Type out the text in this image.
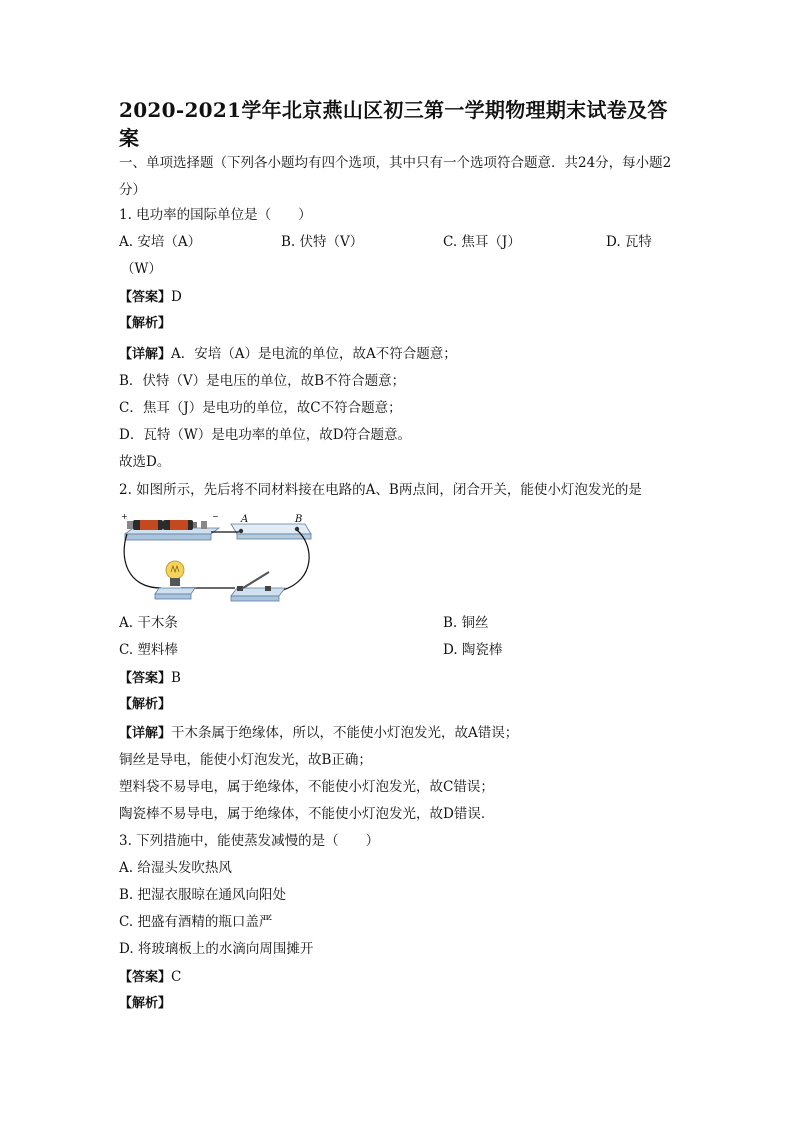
2020-2021学年北京燕山区初三第一学期物理期末试卷及答案
一、单项选择题（下列各小题均有四个选项，其中只有一个选项符合题意．共24分，每小题2分）
1. 电功率的国际单位是（　　）
A. 安培（A）	B. 伏特（V）	C. 焦耳（J）	D. 瓦特
（W）
【答案】D
【解析】
【详解】A．安培（A）是电流的单位，故A不符合题意；
B．伏特（V）是电压的单位，故B不符合题意；
C．焦耳（J）是电功的单位，故C不符合题意；
D．瓦特（W）是电功率的单位，故D符合题意。
故选D。
2. 如图所示，先后将不同材料接在电路的A、B两点间，闭合开关，能使小灯泡发光的是
+	− A	B
A. 干木条	B. 铜丝
C. 塑料棒	D. 陶瓷棒
【答案】B
【解析】
【详解】干木条属于绝缘体，所以，不能使小灯泡发光，故A错误；
铜丝是导电，能使小灯泡发光，故B正确；
塑料袋不易导电，属于绝缘体，不能使小灯泡发光，故C错误；
陶瓷棒不易导电，属于绝缘体，不能使小灯泡发光，故D错误．
3. 下列措施中，能使蒸发减慢的是（　　）
A. 给湿头发吹热风
B. 把湿衣服晾在通风向阳处
C. 把盛有酒精的瓶口盖严
D. 将玻璃板上的水滴向周围摊开
【答案】C
【解析】
